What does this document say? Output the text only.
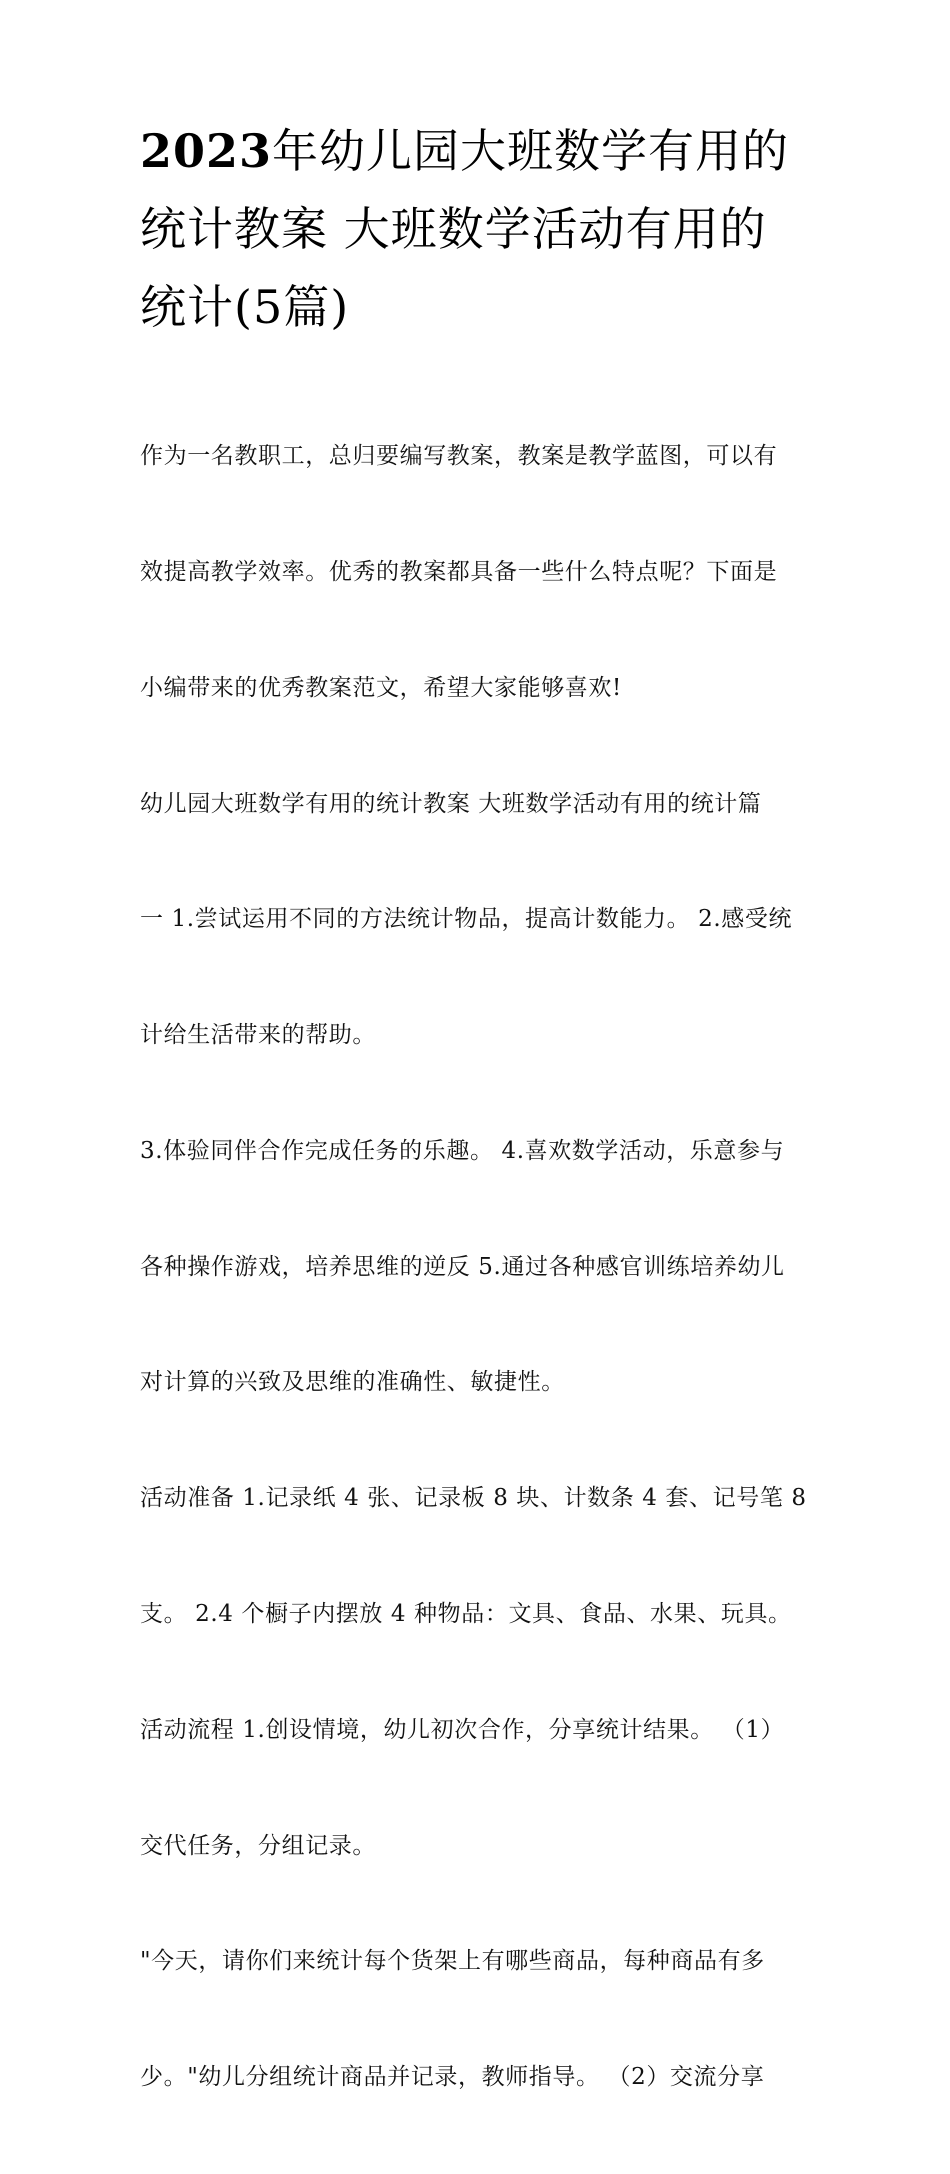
2023年幼儿园大班数学有用的
统计教案 大班数学活动有用的
统计(5篇)

作为一名教职工，总归要编写教案，教案是教学蓝图，可以有

效提高教学效率。优秀的教案都具备一些什么特点呢？下面是

小编带来的优秀教案范文，希望大家能够喜欢!

幼儿园大班数学有用的统计教案 大班数学活动有用的统计篇

一 1.尝试运用不同的方法统计物品，提高计数能力。 2.感受统

计给生活带来的帮助。

3.体验同伴合作完成任务的乐趣。 4.喜欢数学活动，乐意参与

各种操作游戏，培养思维的逆反 5.通过各种感官训练培养幼儿

对计算的兴致及思维的准确性、敏捷性。

活动准备 1.记录纸 4 张、记录板 8 块、计数条 4 套、记号笔 8

支。 2.4 个橱子内摆放 4 种物品：文具、食品、水果、玩具。

活动流程 1.创设情境，幼儿初次合作，分享统计结果。 （1）

交代任务，分组记录。

"今天，请你们来统计每个货架上有哪些商品，每种商品有多

少。"幼儿分组统计商品并记录，教师指导。 （2）交流分享
